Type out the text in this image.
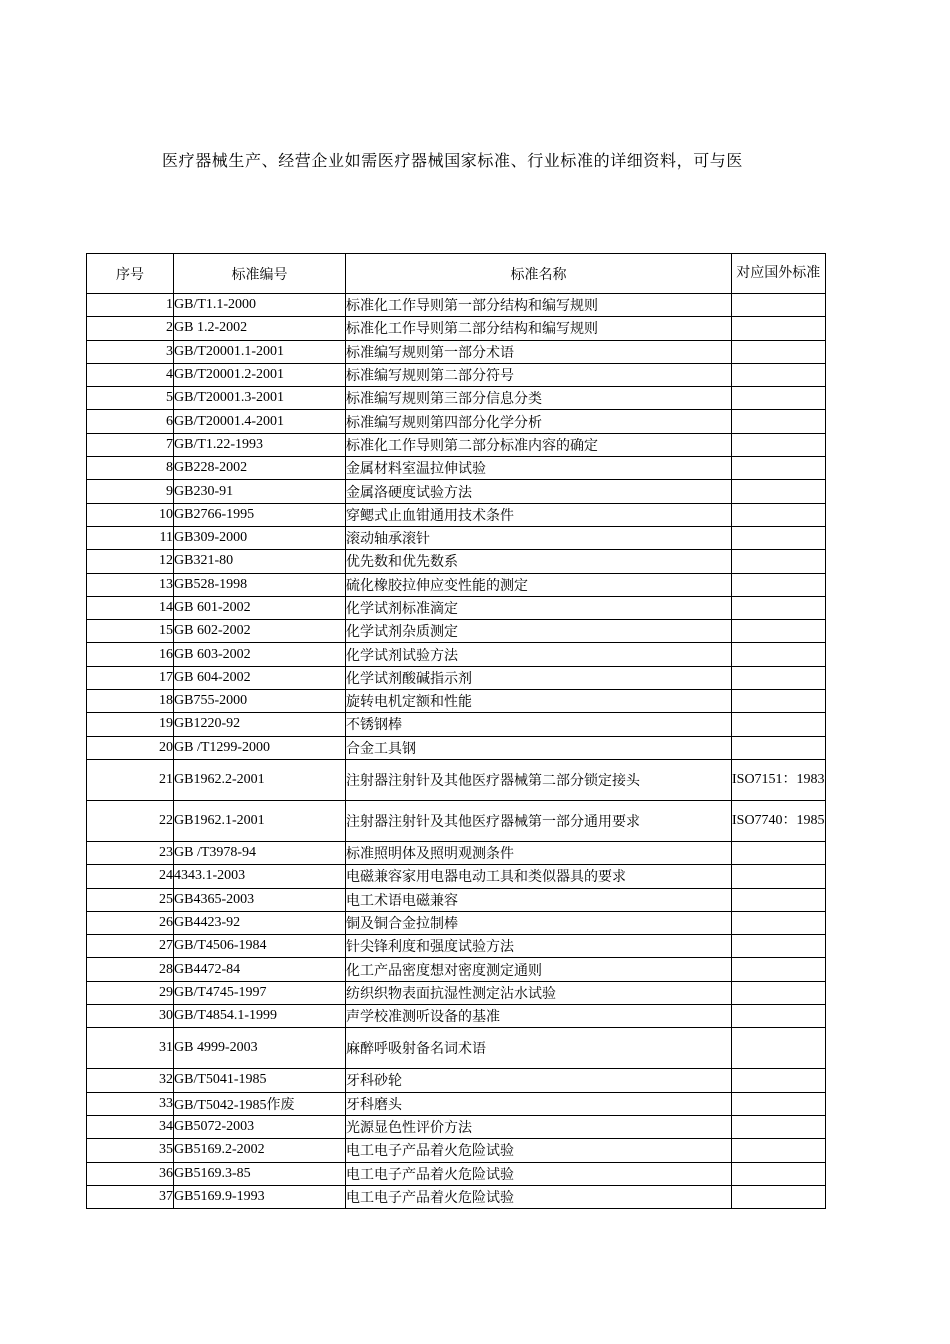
医疗器械生产、经营企业如需医疗器械国家标准、行业标准的详细资料，可与医
序号	标准编号	标准名称	对应国外标准
1	GB/T1.1-2000	标准化工作导则第一部分结构和编写规则	
2	GB 1.2-2002	标准化工作导则第二部分结构和编写规则	
3	GB/T20001.1-2001	标准编写规则第一部分术语	
4	GB/T20001.2-2001	标准编写规则第二部分符号	
5	GB/T20001.3-2001	标准编写规则第三部分信息分类	
6	GB/T20001.4-2001	标准编写规则第四部分化学分析	
7	GB/T1.22-1993	标准化工作导则第二部分标准内容的确定	
8	GB228-2002	金属材料室温拉伸试验	
9	GB230-91	金属洛硬度试验方法	
10	GB2766-1995	穿鳃式止血钳通用技术条件	
11	GB309-2000	滚动轴承滚针	
12	GB321-80	优先数和优先数系	
13	GB528-1998	硫化橡胶拉伸应变性能的测定	
14	GB 601-2002	化学试剂标准滴定	
15	GB 602-2002	化学试剂杂质测定	
16	GB 603-2002	化学试剂试验方法	
17	GB 604-2002	化学试剂酸碱指示剂	
18	GB755-2000	旋转电机定额和性能	
19	GB1220-92	不锈钢棒	
20	GB /T1299-2000	合金工具钢	
21	GB1962.2-2001	注射器注射针及其他医疗器械第二部分锁定接头	ISO7151：1983
22	GB1962.1-2001	注射器注射针及其他医疗器械第一部分通用要求	ISO7740：1985
23	GB /T3978-94	标准照明体及照明观测条件	
24	4343.1-2003	电磁兼容家用电器电动工具和类似器具的要求	
25	GB4365-2003	电工术语电磁兼容	
26	GB4423-92	铜及铜合金拉制棒	
27	GB/T4506-1984	针尖锋利度和强度试验方法	
28	GB4472-84	化工产品密度想对密度测定通则	
29	GB/T4745-1997	纺织织物表面抗湿性测定沾水试验	
30	GB/T4854.1-1999	声学校准测听设备的基准	
31	GB 4999-2003	麻醉呼吸射备名词术语	
32	GB/T5041-1985	牙科砂轮	
33	GB/T5042-1985作废	牙科磨头	
34	GB5072-2003	光源显色性评价方法	
35	GB5169.2-2002	电工电子产品着火危险试验	
36	GB5169.3-85	电工电子产品着火危险试验	
37	GB5169.9-1993	电工电子产品着火危险试验	
